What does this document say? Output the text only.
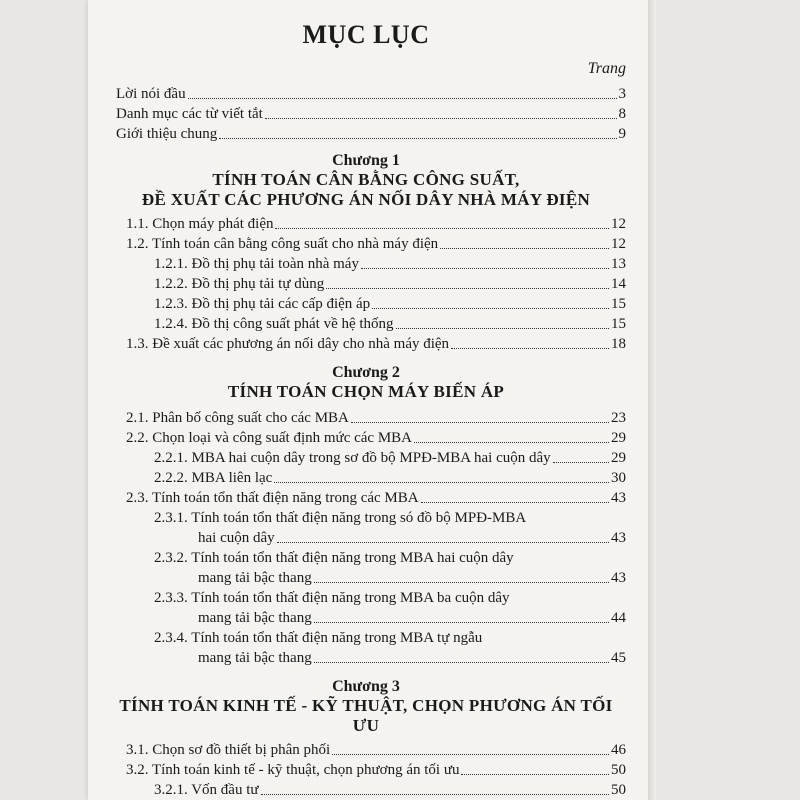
MỤC LỤC
Trang
Lời nói đầu	3
Danh mục các từ viết tắt	8
Giới thiệu chung	9
Chương 1
TÍNH TOÁN CÂN BẰNG CÔNG SUẤT,
ĐỀ XUẤT CÁC PHƯƠNG ÁN NỐI DÂY NHÀ MÁY ĐIỆN
1.1. Chọn máy phát điện	12
1.2. Tính toán cân bằng công suất cho nhà máy điện	12
1.2.1. Đồ thị phụ tải toàn nhà máy	13
1.2.2. Đồ thị phụ tải tự dùng	14
1.2.3. Đồ thị phụ tải các cấp điện áp	15
1.2.4. Đồ thị công suất phát về hệ thống	15
1.3. Đề xuất các phương án nối dây cho nhà máy điện	18
Chương 2
TÍNH TOÁN CHỌN MÁY BIẾN ÁP
2.1. Phân bố công suất cho các MBA	23
2.2. Chọn loại và công suất định mức các MBA	29
2.2.1. MBA hai cuộn dây trong sơ đồ bộ MPĐ-MBA hai cuộn dây	29
2.2.2. MBA liên lạc	30
2.3. Tính toán tổn thất điện năng trong các MBA	43
2.3.1. Tính toán tổn thất điện năng trong só đồ bộ MPĐ-MBA
hai cuộn dây	43
2.3.2. Tính toán tổn thất điện năng trong MBA hai cuộn dây
mang tải bậc thang	43
2.3.3. Tính toán tổn thất điện năng trong MBA ba cuộn dây
mang tải bậc thang	44
2.3.4. Tính toán tổn thất điện năng trong MBA tự ngẫu
mang tải bậc thang	45
Chương 3
TÍNH TOÁN KINH TẾ - KỸ THUẬT, CHỌN PHƯƠNG ÁN TỐI ƯU
3.1. Chọn sơ đồ thiết bị phân phối	46
3.2. Tính toán kinh tế - kỹ thuật, chọn phương án tối ưu	50
3.2.1. Vốn đầu tư	50
